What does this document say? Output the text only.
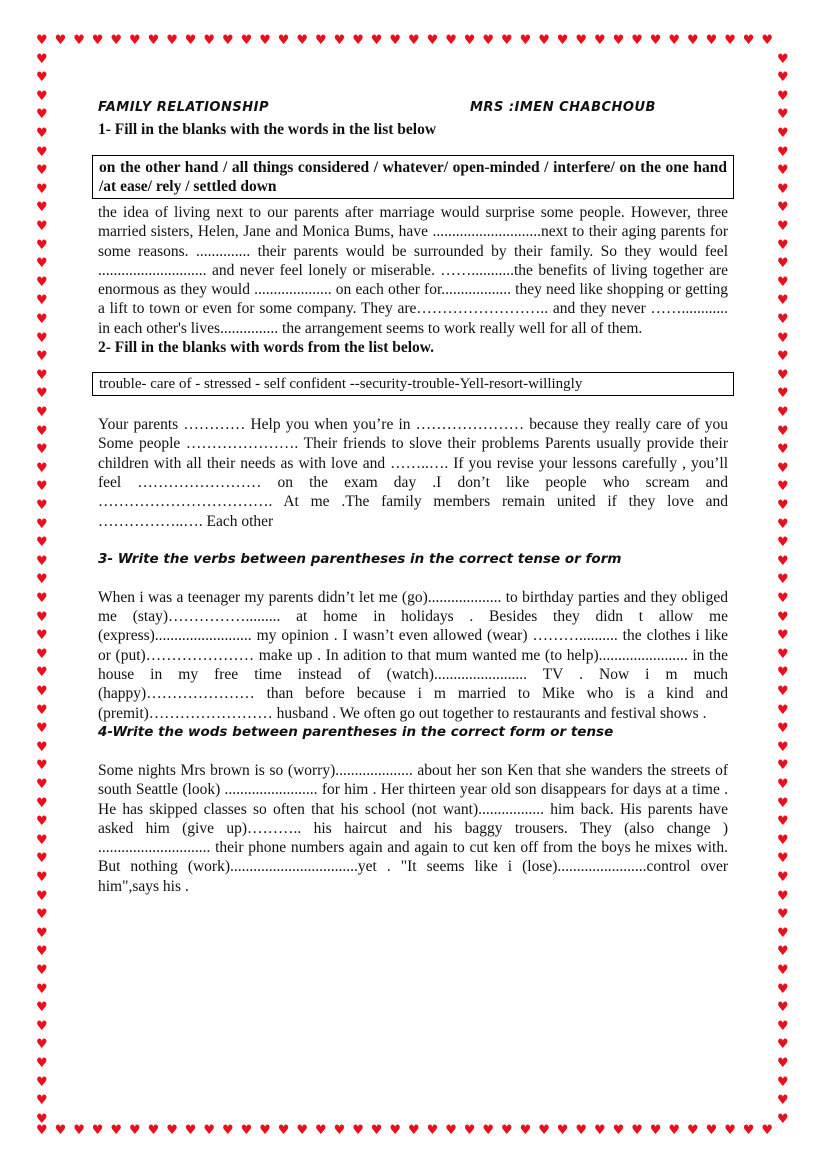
♥
♥
♥
♥
♥
♥
♥
♥
♥
♥
♥
♥
♥
♥
♥
♥
♥
♥
♥
♥
♥
♥
♥
♥
♥
♥
♥
♥
♥
♥
♥
♥
♥
♥
♥
♥
♥
♥
♥
♥
♥
♥
♥
♥
♥
♥
♥
♥
♥
♥
♥
♥
♥
♥
♥
♥
♥
♥
♥
♥
♥
♥
♥
♥
♥
♥
♥
♥
♥
♥
♥
♥
♥
♥
♥
♥
♥
♥
♥
♥
♥	♥
♥	♥
♥	♥
♥	♥
♥	♥
♥	♥
♥	♥
♥	♥
♥	♥
♥	♥
♥	♥
♥	♥
♥	♥
♥	♥
♥	♥
♥	♥
♥	♥
♥	♥
♥	♥
♥	♥
♥	♥
♥	♥
♥	♥
♥	♥
♥	♥
♥	♥
♥	♥
♥	♥
♥	♥
♥	♥
♥	♥
♥	♥
♥	♥
♥	♥
♥	♥
♥	♥
♥	♥
♥	♥
♥	♥
♥	♥
♥	♥
♥	♥
♥	♥
♥	♥
♥	♥
♥	♥
♥	♥
♥	♥
♥	♥
♥	♥
♥	♥
♥	♥
♥	♥
♥	♥
♥	♥
♥	♥
♥	♥
♥	♥
FAMILY RELATIONSHIP	MRS :IMEN CHABCHOUB
1- Fill in the blanks with the words in the list below
on the other hand / all things considered / whatever/ open-minded / interfere/ on the one hand /at ease/ rely / settled down
the idea of living next to our parents after marriage would surprise some people. However, three married sisters, Helen, Jane and Monica Bums, have ............................next to their aging parents for some reasons. .............. their parents would be surrounded by their family. So they would feel ............................ and never feel lonely or miserable. ……...........the benefits of living together are enormous as they would .................... on each other for.................. they need like shopping or getting a lift to town or even for some company. They are…………………….. and they never ……............ in each other's lives............... the arrangement seems to work really well for all of them.
2- Fill in the blanks with words from the list below.
trouble- care of - stressed - self confident --security-trouble-Yell-resort-willingly
Your parents ………… Help you when you’re in ………………… because they really care of you Some people …………………. Their friends to slove their problems Parents usually provide their children with all their needs as with love and ……..…. If you revise your lessons carefully , you’ll feel …………………… on the exam day .I don’t like people who scream and ……………………………. At me .The family members remain united if they love and ……………..…. Each other
3- Write the verbs between parentheses in the correct tense or form
When i was a teenager my parents didn’t let me (go)................... to birthday parties and they obliged me (stay)……………......... at home in holidays . Besides they didn t allow me (express)......................... my opinion . I wasn’t even allowed (wear) ……….......... the clothes i like or (put)………………… make up . In adition to that mum wanted me (to help)....................... in the house in my free time instead of (watch)........................ TV . Now i m much (happy)………………… than before because i m married to Mike who is a kind and (premit)…………………… husband . We often go out together to restaurants and festival shows .
4-Write the wods between parentheses in the correct form or tense
Some nights Mrs brown is so (worry).................... about her son Ken that she wanders the streets of south Seattle (look) ........................ for him . Her thirteen year old son disappears for days at a time . He has skipped classes so often that his school (not want)................. him back. His parents have asked him (give up)……….. his haircut and his baggy trousers. They (also change ) ............................. their phone numbers again and again to cut ken off from the boys he mixes with. But nothing (work).................................yet . "It seems like i (lose).......................control over him",says his .
